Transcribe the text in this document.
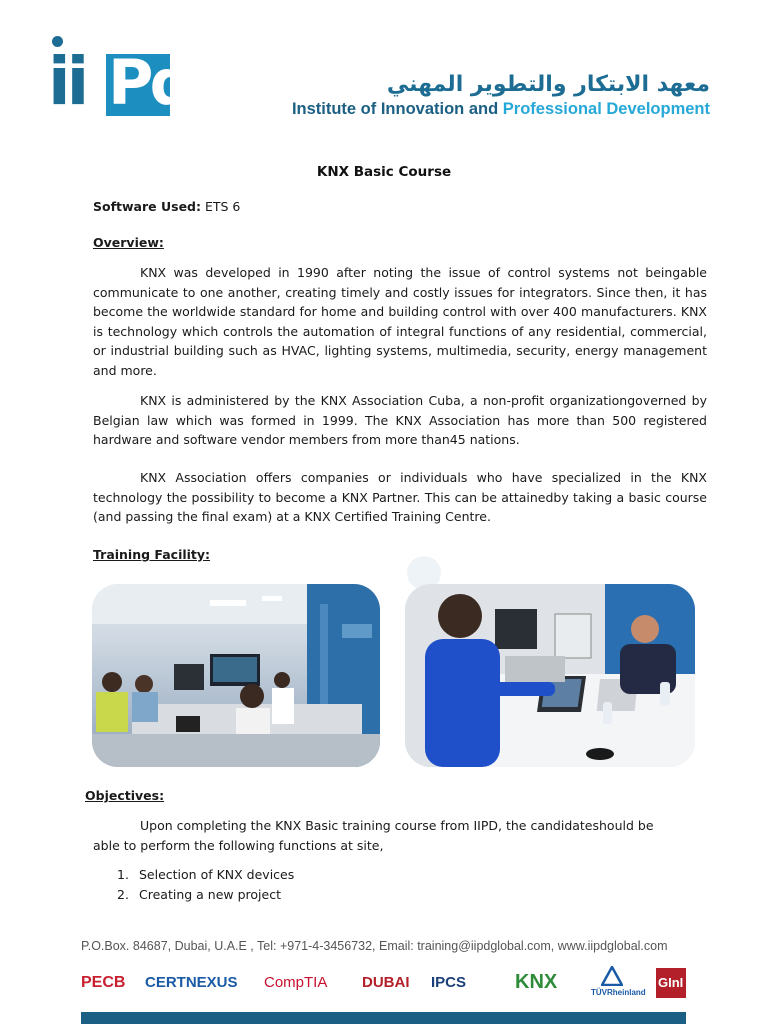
ii Pd	معهد الابتكار والتطوير المهني
Institute of Innovation and Professional Development
KNX Basic Course
Software Used: ETS 6
Overview:

KNX was developed in 1990 after noting the issue of control systems not beingable communicate to one another, creating timely and costly issues for integrators. Since then, it has become the worldwide standard for home and building control with over 400 manufacturers. KNX is technology which controls the automation of integral functions of any residential, commercial, or industrial building such as HVAC, lighting systems, multimedia, security, energy management and more.

KNX is administered by the KNX Association Cuba, a non-profit organizationgoverned by Belgian law which was formed in 1999. The KNX Association has more than 500 registered hardware and software vendor members from more than45 nations.

KNX Association offers companies or individuals who have specialized in the KNX technology the possibility to become a KNX Partner. This can be attainedby taking a basic course (and passing the final exam) at a KNX Certified Training Centre.

Training Facility:
Objectives:

Upon completing the KNX Basic training course from IIPD, the candidateshould be able to perform the following functions at site,

1. Selection of KNX devices
2. Creating a new project
P.O.Box. 84687, Dubai, U.A.E , Tel: +971-4-3456732, Email: training@iipdglobal.com, www.iipdglobal.com
PECB CERTNEXUS CompTIA DUBAI IPCS KNX	TÜVRheinland
GInI
